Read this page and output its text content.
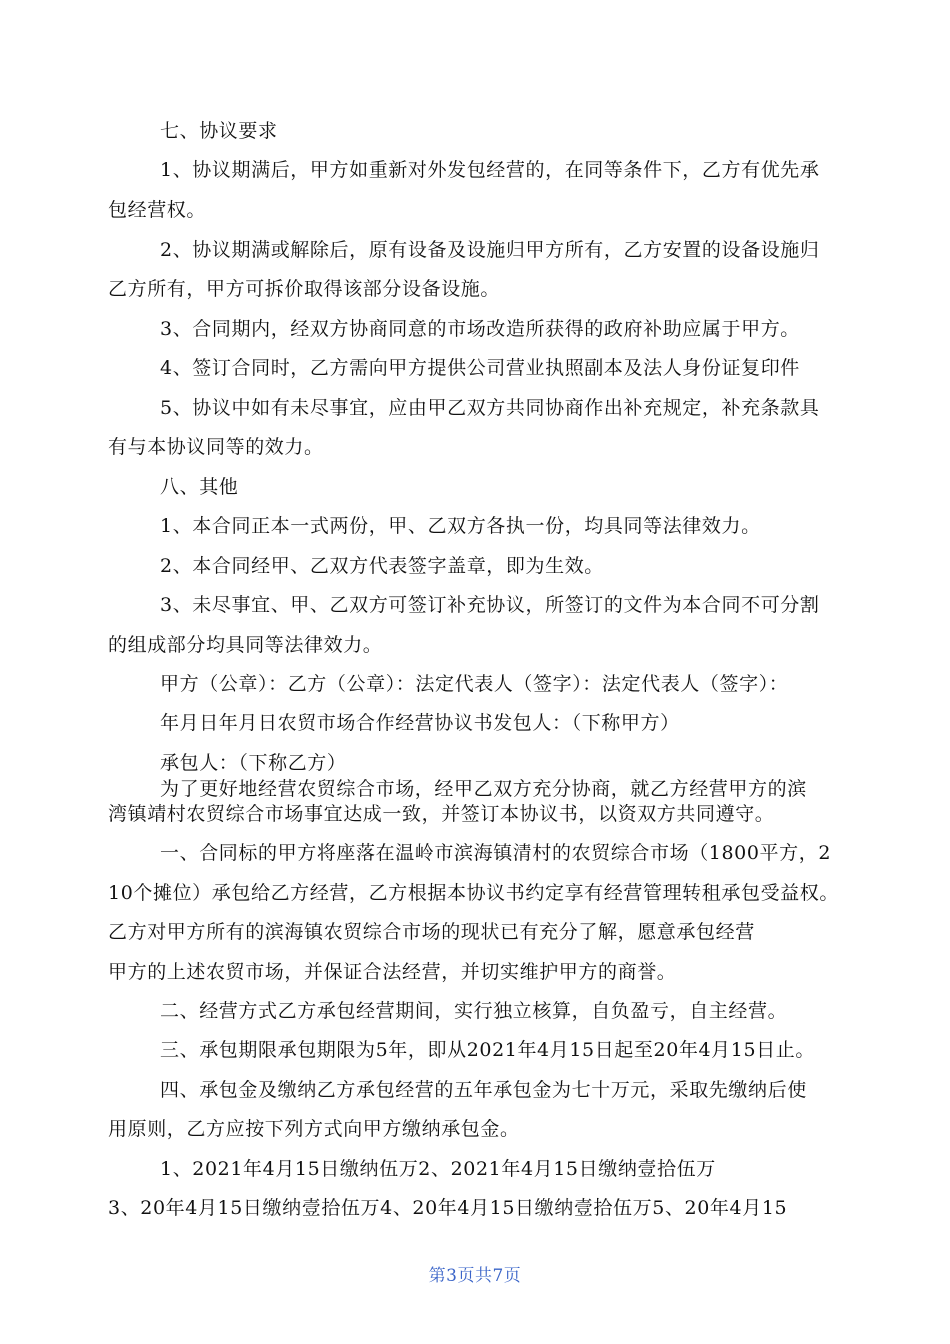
七、协议要求
1、协议期满后，甲方如重新对外发包经营的，在同等条件下，乙方有优先承
包经营权。
2、协议期满或解除后，原有设备及设施归甲方所有，乙方安置的设备设施归
乙方所有，甲方可拆价取得该部分设备设施。
3、合同期内，经双方协商同意的市场改造所获得的政府补助应属于甲方。
4、签订合同时，乙方需向甲方提供公司营业执照副本及法人身份证复印件
5、协议中如有未尽事宜，应由甲乙双方共同协商作出补充规定，补充条款具
有与本协议同等的效力。
八、其他
1、本合同正本一式两份，甲、乙双方各执一份，均具同等法律效力。
2、本合同经甲、乙双方代表签字盖章，即为生效。
3、未尽事宜、甲、乙双方可签订补充协议，所签订的文件为本合同不可分割
的组成部分均具同等法律效力。
甲方（公章）：乙方（公章）：法定代表人（签字）：法定代表人（签字）：
年月日年月日农贸市场合作经营协议书发包人：（下称甲方）
承包人：（下称乙方）
为了更好地经营农贸综合市场，经甲乙双方充分协商，就乙方经营甲方的滨
湾镇靖村农贸综合市场事宜达成一致，并签订本协议书，以资双方共同遵守。
一、合同标的甲方将座落在温岭市滨海镇清村的农贸综合市场（1800平方，2
10个摊位）承包给乙方经营，乙方根据本协议书约定享有经营管理转租承包受益权。
乙方对甲方所有的滨海镇农贸综合市场的现状已有充分了解，愿意承包经营
甲方的上述农贸市场，并保证合法经营，并切实维护甲方的商誉。
二、经营方式乙方承包经营期间，实行独立核算，自负盈亏，自主经营。
三、承包期限承包期限为5年，即从2021年4月15日起至20年4月15日止。
四、承包金及缴纳乙方承包经营的五年承包金为七十万元，采取先缴纳后使
用原则，乙方应按下列方式向甲方缴纳承包金。
1、2021年4月15日缴纳伍万2、2021年4月15日缴纳壹拾伍万
3、20年4月15日缴纳壹拾伍万4、20年4月15日缴纳壹拾伍万5、20年4月15
第3页共7页
